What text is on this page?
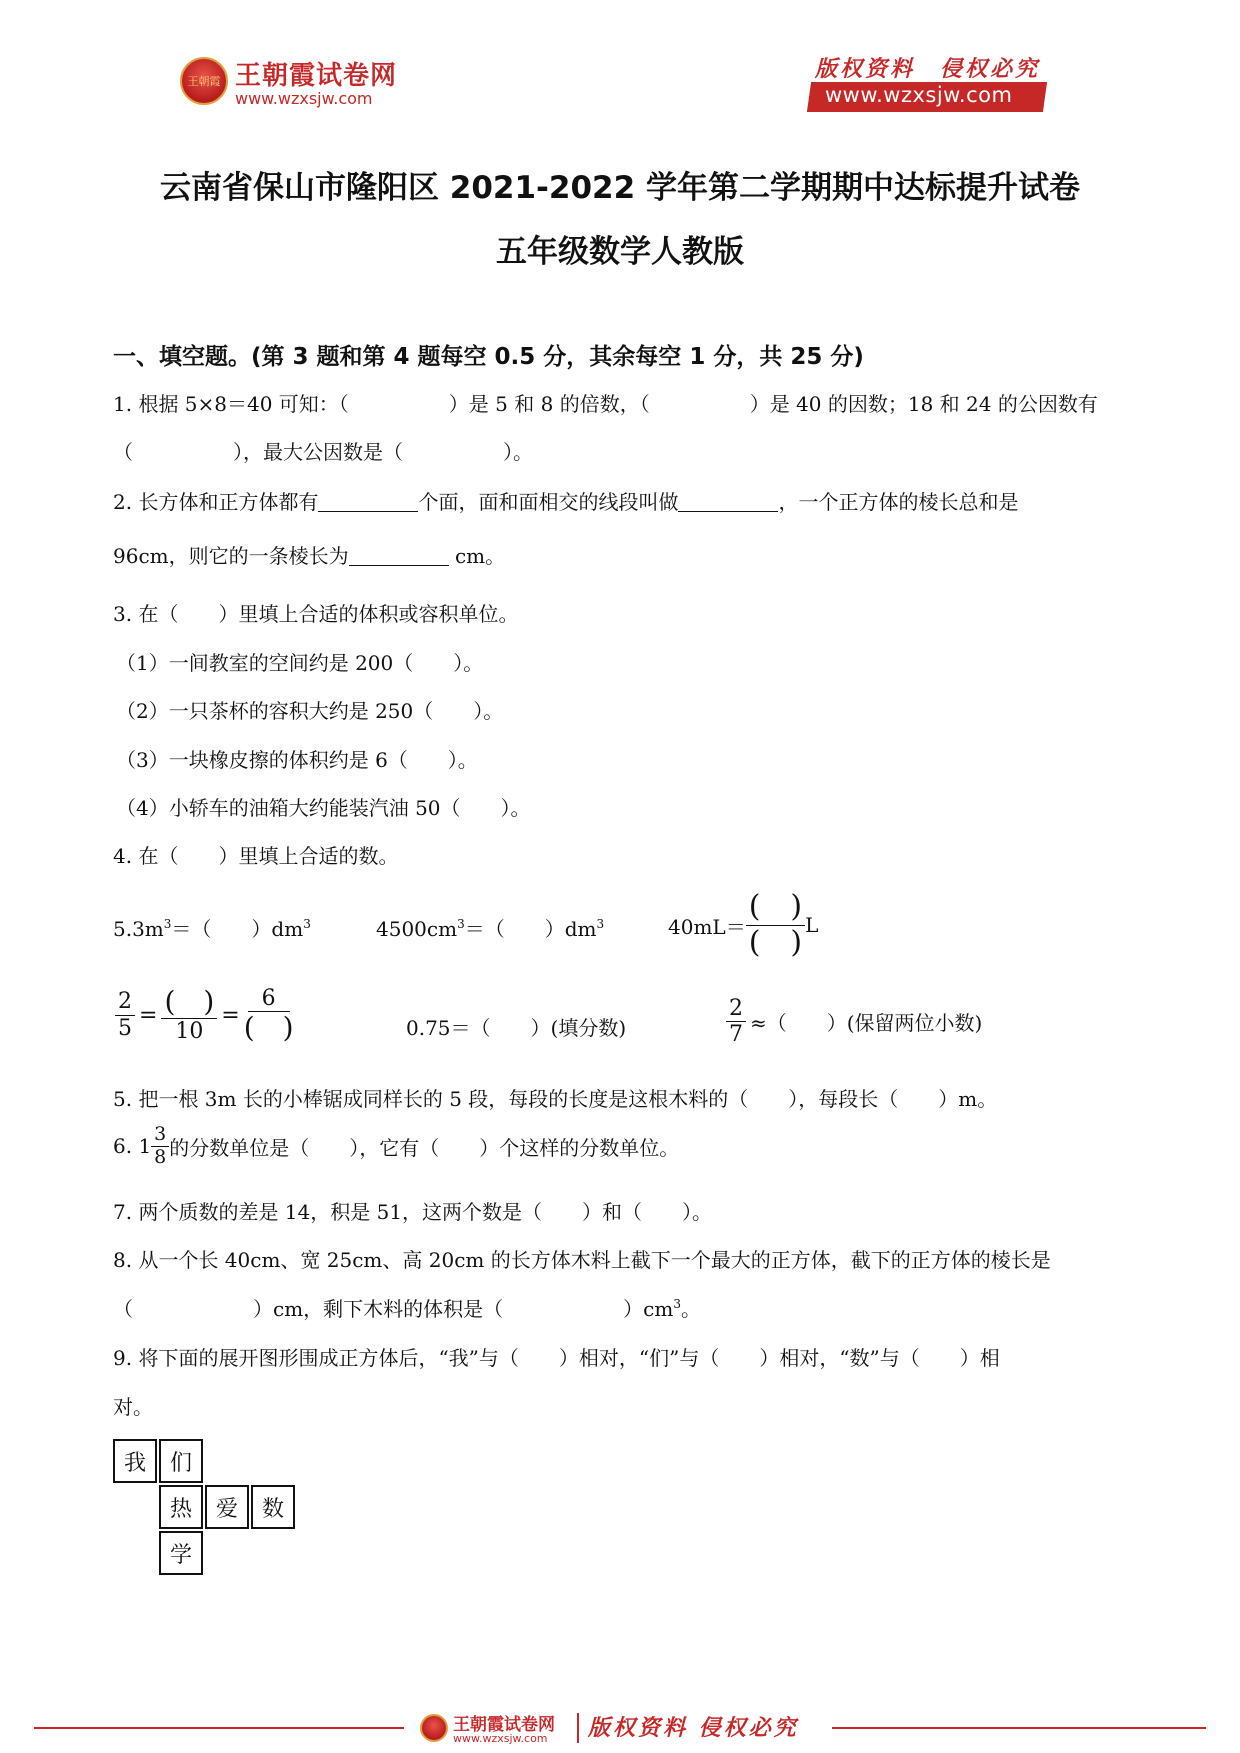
王朝霞 王朝霞试卷网
www.wzxsjw.com
版权资料　侵权必究
www.wzxsjw.com
云南省保山市隆阳区 2021-2022 学年第二学期期中达标提升试卷
五年级数学人教版
一、填空题。(第 3 题和第 4 题每空 0.5 分，其余每空 1 分，共 25 分)
1. 根据 5×8＝40 可知：（　　　　　）是 5 和 8 的倍数，（　　　　　）是 40 的因数；18 和 24 的公因数有
（　　　　　），最大公因数是（　　　　　）。
2. 长方体和正方体都有	个面，面和面相交的线段叫做	，一个正方体的棱长总和是
96cm，则它的一条棱长为	cm。
3. 在（　　）里填上合适的体积或容积单位。
（1）一间教室的空间约是 200（　　）。
（2）一只茶杯的容积大约是 250（　　）。
（3）一块橡皮擦的体积约是 6（　　）。
（4）小轿车的油箱大约能装汽油 50（　　）。
4. 在（　　）里填上合适的数。
$5.3m^3=$（　　）$dm^3$	$4500cm^3=$（　　）$dm^3$	$40mL= \frac{( )}{( )}$ L
$\frac{2}{5} = \frac{( )}{10} = \frac{6}{( )}$	0.75＝（　　）(填分数)	$\frac{2}{7}$ ≈（　　）(保留两位小数)
5. 把一根 3m 长的小棒锯成同样长的 5 段，每段的长度是这根木料的（　　），每段长（　　）m。
6. $1 \frac{3}{8}$ 的分数单位是（　　），它有（　　）个这样的分数单位。
7. 两个质数的差是 14，积是 51，这两个数是（　　）和（　　）。
8. 从一个长 40cm、宽 25cm、高 20cm 的长方体木料上截下一个最大的正方体，截下的正方体的棱长是
（　　　　　　）cm，剩下木料的体积是（　　　　　　）$cm^3$。
9. 将下面的展开图形围成正方体后，“我”与（　　）相对，“们”与（　　）相对，“数”与（　　）相
对。
我	们
热	爱	数
学
王朝霞试卷网
www.wzxsjw.com 版权资料 侵权必究
